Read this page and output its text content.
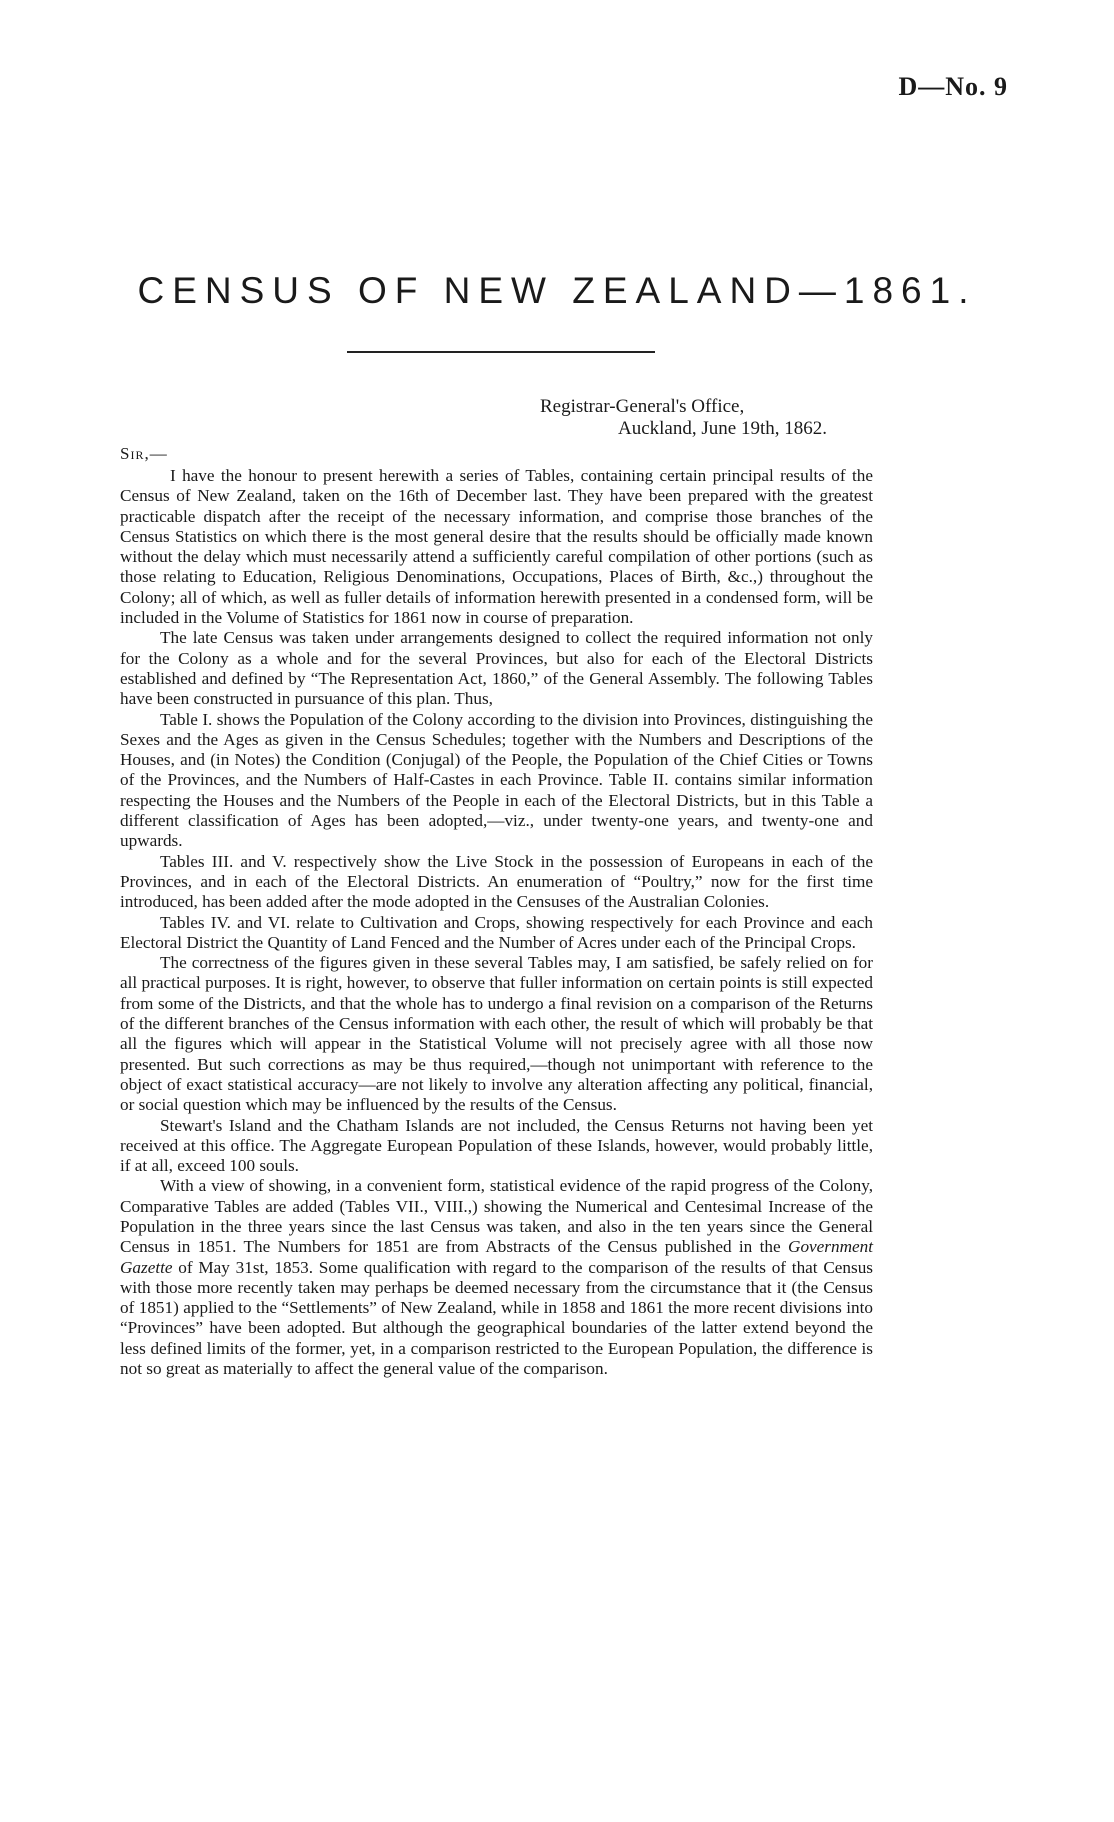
D—No. 9
CENSUS OF NEW ZEALAND—1861.
Registrar-General's Office,
Auckland, June 19th, 1862.
Sir,—

I have the honour to present herewith a series of Tables, containing certain principal results of the Census of New Zealand, taken on the 16th of December last. They have been prepared with the greatest practicable dispatch after the receipt of the necessary information, and comprise those branches of the Census Statistics on which there is the most general desire that the results should be officially made known without the delay which must necessarily attend a sufficiently careful compilation of other portions (such as those relating to Education, Religious Denominations, Occupations, Places of Birth, &c.,) throughout the Colony; all of which, as well as fuller details of information herewith presented in a condensed form, will be included in the Volume of Statistics for 1861 now in course of preparation.

The late Census was taken under arrangements designed to collect the required information not only for the Colony as a whole and for the several Provinces, but also for each of the Electoral Districts established and defined by “The Representation Act, 1860,” of the General Assembly. The following Tables have been constructed in pursuance of this plan. Thus,

Table I. shows the Population of the Colony according to the division into Provinces, distinguishing the Sexes and the Ages as given in the Census Schedules; together with the Numbers and Descriptions of the Houses, and (in Notes) the Condition (Conjugal) of the People, the Population of the Chief Cities or Towns of the Provinces, and the Numbers of Half-Castes in each Province. Table II. contains similar information respecting the Houses and the Numbers of the People in each of the Electoral Districts, but in this Table a different classification of Ages has been adopted,—viz., under twenty-one years, and twenty-one and upwards.

Tables III. and V. respectively show the Live Stock in the possession of Europeans in each of the Provinces, and in each of the Electoral Districts. An enumeration of “Poultry,” now for the first time introduced, has been added after the mode adopted in the Censuses of the Australian Colonies.

Tables IV. and VI. relate to Cultivation and Crops, showing respectively for each Province and each Electoral District the Quantity of Land Fenced and the Number of Acres under each of the Principal Crops.

The correctness of the figures given in these several Tables may, I am satisfied, be safely relied on for all practical purposes. It is right, however, to observe that fuller information on certain points is still expected from some of the Districts, and that the whole has to undergo a final revision on a comparison of the Returns of the different branches of the Census information with each other, the result of which will probably be that all the figures which will appear in the Statistical Volume will not precisely agree with all those now presented. But such corrections as may be thus required,—though not unimportant with reference to the object of exact statistical accuracy—are not likely to involve any alteration affecting any political, financial, or social question which may be influenced by the results of the Census.

Stewart's Island and the Chatham Islands are not included, the Census Returns not having been yet received at this office. The Aggregate European Population of these Islands, however, would probably little, if at all, exceed 100 souls.

With a view of showing, in a convenient form, statistical evidence of the rapid progress of the Colony, Comparative Tables are added (Tables VII., VIII.,) showing the Numerical and Centesimal Increase of the Population in the three years since the last Census was taken, and also in the ten years since the General Census in 1851. The Numbers for 1851 are from Abstracts of the Census published in the Government Gazette of May 31st, 1853. Some qualification with regard to the comparison of the results of that Census with those more recently taken may perhaps be deemed necessary from the circumstance that it (the Census of 1851) applied to the “Settlements” of New Zealand, while in 1858 and 1861 the more recent divisions into “Provinces” have been adopted. But although the geographical boundaries of the latter extend beyond the less defined limits of the former, yet, in a comparison restricted to the European Population, the difference is not so great as materially to affect the general value of the comparison.
